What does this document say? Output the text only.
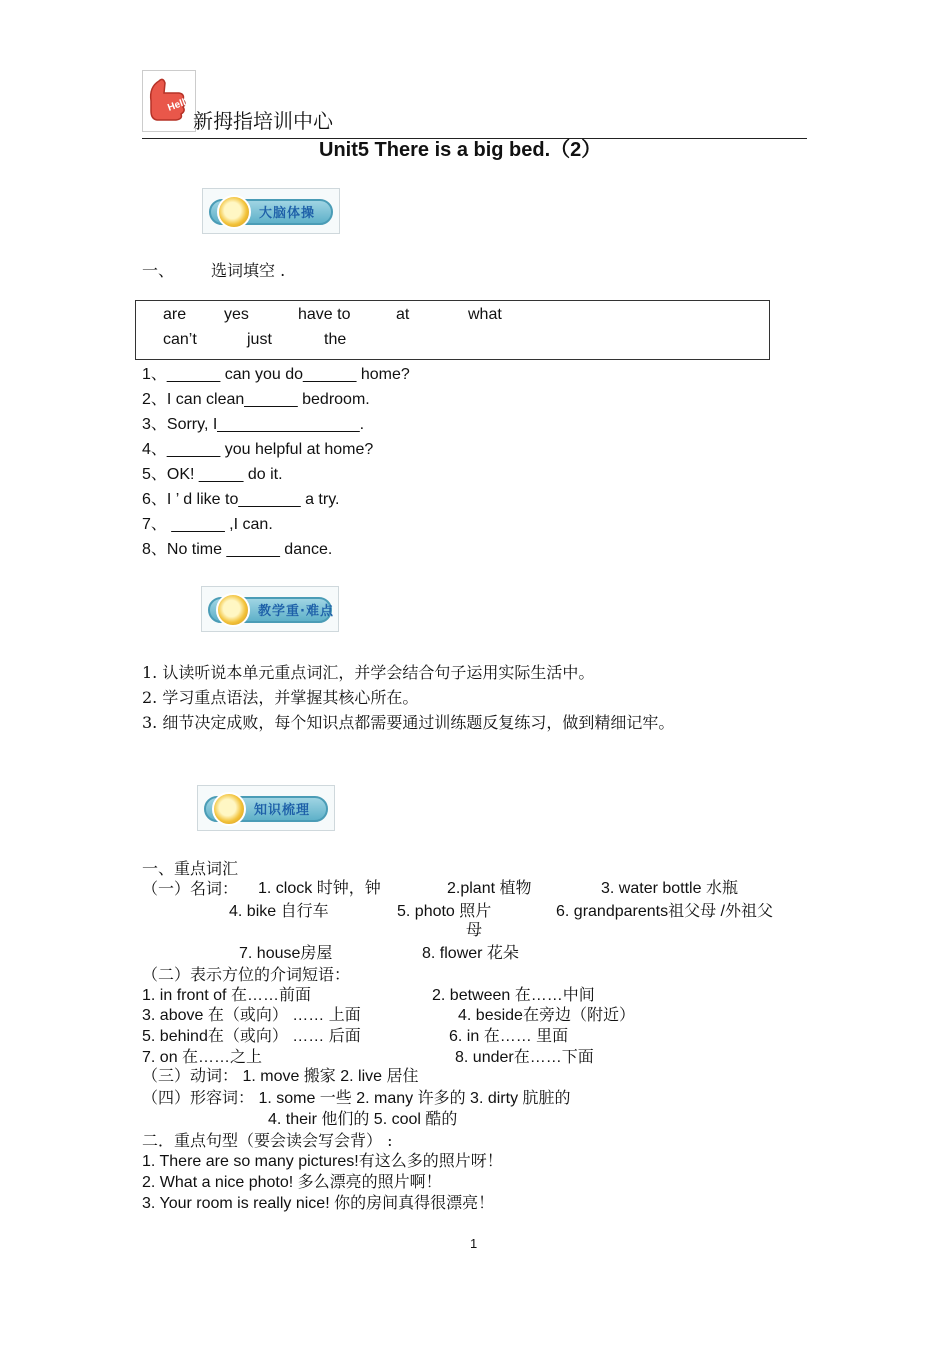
Hello!
新拇指培训中心
Unit5 There is a big bed.（2）
大脑体操
一、 选词填空 .
are yes	have to	at	what
can’t	just	the
1、______ can you do______ home?
2、I can clean______ bedroom.
3、Sorry, I________________.
4、______ you helpful at home?
5、OK! _____ do it.
6、I ’ d like to_______ a try.
7、 ______ ,I can.
8、No time ______ dance.
教学重·难点
1. 认读听说本单元重点词汇，并学会结合句子运用实际生活中。
2. 学习重点语法，并掌握其核心所在。
3. 细节决定成败，每个知识点都需要通过训练题反复练习，做到精细记牢。
知识梳理
一、重点词汇
（一）名词： 1. clock 时钟，钟	2.plant 植物	3. water bottle 水瓶
4. bike 自行车	5. photo 照片	6. grandparents祖父母 /外祖父
母
7. house房屋	8. flower 花朵
（二）表示方位的介词短语：
1. in front of 在……前面	2. between 在……中间
3. above 在（或向） …… 上面	4. beside在旁边（附近）
5. behind在（或向） …… 后面	6. in 在…… 里面
7. on 在……之上	8. under在……下面
（三）动词： 1. move 搬家 2. live 居住
（四）形容词： 1. some 一些 2. many 许多的 3. dirty 肮脏的
4. their 他们的 5. cool 酷的
二．重点句型（要会读会写会背） :
1. There are so many pictures!有这么多的照片呀！
2. What a nice photo! 多么漂亮的照片啊！
3. Your room is really nice! 你的房间真得很漂亮！
1
